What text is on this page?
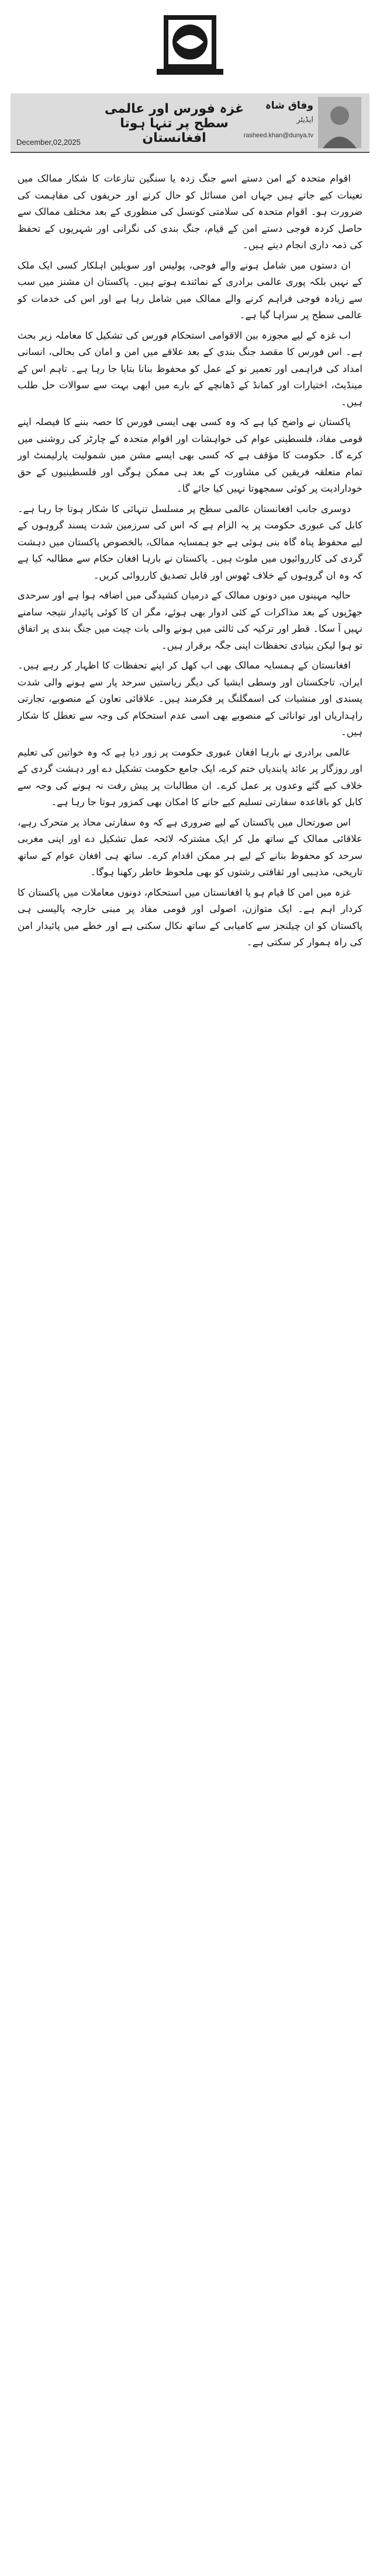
وفاق شاہ
ایڈیٹر
rasheed.khan@dunya.tv
غزہ فورس اور عالمی سطح پر تنہا ہوتا افغانستان
December,02,2025

اقوام متحدہ کے امن دستے اسے جنگ زدہ یا سنگین تنازعات کا شکار ممالک میں تعینات کیے جاتے ہیں جہاں امن مسائل کو حال کرنے اور حریفوں کی مفاہمت کی ضرورت ہو۔ اقوام متحدہ کی سلامتی کونسل کی منظوری کے بعد مختلف ممالک سے حاصل کردہ فوجی دستے امن کے قیام، جنگ بندی کی نگرانی اور شہریوں کے تحفظ کی ذمہ داری انجام دیتے ہیں۔

ان دستوں میں شامل ہونے والے فوجی، پولیس اور سویلین اہلکار کسی ایک ملک کے نہیں بلکہ پوری عالمی برادری کے نمائندے ہوتے ہیں۔ پاکستان ان مشنز میں سب سے زیادہ فوجی فراہم کرنے والے ممالک میں شامل رہا ہے اور اس کی خدمات کو عالمی سطح پر سراہا گیا ہے۔

اب غزہ کے لیے مجوزہ بین الاقوامی استحکام فورس کی تشکیل کا معاملہ زیر بحث ہے۔ اس فورس کا مقصد جنگ بندی کے بعد علاقے میں امن و امان کی بحالی، انسانی امداد کی فراہمی اور تعمیر نو کے عمل کو محفوظ بنانا بتایا جا رہا ہے۔ تاہم اس کے مینڈیٹ، اختیارات اور کمانڈ کے ڈھانچے کے بارے میں ابھی بہت سے سوالات حل طلب ہیں۔

پاکستان نے واضح کیا ہے کہ وہ کسی بھی ایسی فورس کا حصہ بننے کا فیصلہ اپنے قومی مفاد، فلسطینی عوام کی خواہشات اور اقوام متحدہ کے چارٹر کی روشنی میں کرے گا۔ حکومت کا مؤقف ہے کہ کسی بھی ایسے مشن میں شمولیت پارلیمنٹ اور تمام متعلقہ فریقین کی مشاورت کے بعد ہی ممکن ہوگی اور فلسطینیوں کے حق خودارادیت پر کوئی سمجھوتا نہیں کیا جائے گا۔

دوسری جانب افغانستان عالمی سطح پر مسلسل تنہائی کا شکار ہوتا جا رہا ہے۔ کابل کی عبوری حکومت پر یہ الزام ہے کہ اس کی سرزمین شدت پسند گروہوں کے لیے محفوظ پناہ گاہ بنی ہوئی ہے جو ہمسایہ ممالک، بالخصوص پاکستان میں دہشت گردی کی کارروائیوں میں ملوث ہیں۔ پاکستان نے بارہا افغان حکام سے مطالبہ کیا ہے کہ وہ ان گروہوں کے خلاف ٹھوس اور قابل تصدیق کارروائی کریں۔

حالیہ مہینوں میں دونوں ممالک کے درمیان کشیدگی میں اضافہ ہوا ہے اور سرحدی جھڑپوں کے بعد مذاکرات کے کئی ادوار بھی ہوئے، مگر ان کا کوئی پائیدار نتیجہ سامنے نہیں آ سکا۔ قطر اور ترکیہ کی ثالثی میں ہونے والی بات چیت میں جنگ بندی پر اتفاق تو ہوا لیکن بنیادی تحفظات اپنی جگہ برقرار ہیں۔

افغانستان کے ہمسایہ ممالک بھی اب کھل کر اپنے تحفظات کا اظہار کر رہے ہیں۔ ایران، تاجکستان اور وسطی ایشیا کی دیگر ریاستیں سرحد پار سے ہونے والی شدت پسندی اور منشیات کی اسمگلنگ پر فکرمند ہیں۔ علاقائی تعاون کے منصوبے، تجارتی راہداریاں اور توانائی کے منصوبے بھی اسی عدم استحکام کی وجہ سے تعطل کا شکار ہیں۔

عالمی برادری نے بارہا افغان عبوری حکومت پر زور دیا ہے کہ وہ خواتین کی تعلیم اور روزگار پر عائد پابندیاں ختم کرے، ایک جامع حکومت تشکیل دے اور دہشت گردی کے خلاف کیے گئے وعدوں پر عمل کرے۔ ان مطالبات پر پیش رفت نہ ہونے کی وجہ سے کابل کو باقاعدہ سفارتی تسلیم کیے جانے کا امکان بھی کمزور ہوتا جا رہا ہے۔

اس صورتحال میں پاکستان کے لیے ضروری ہے کہ وہ سفارتی محاذ پر متحرک رہے، علاقائی ممالک کے ساتھ مل کر ایک مشترکہ لائحہ عمل تشکیل دے اور اپنی مغربی سرحد کو محفوظ بنانے کے لیے ہر ممکن اقدام کرے۔ ساتھ ہی افغان عوام کے ساتھ تاریخی، مذہبی اور ثقافتی رشتوں کو بھی ملحوظ خاطر رکھنا ہوگا۔

غزہ میں امن کا قیام ہو یا افغانستان میں استحکام، دونوں معاملات میں پاکستان کا کردار اہم ہے۔ ایک متوازن، اصولی اور قومی مفاد پر مبنی خارجہ پالیسی ہی پاکستان کو ان چیلنجز سے کامیابی کے ساتھ نکال سکتی ہے اور خطے میں پائیدار امن کی راہ ہموار کر سکتی ہے۔
